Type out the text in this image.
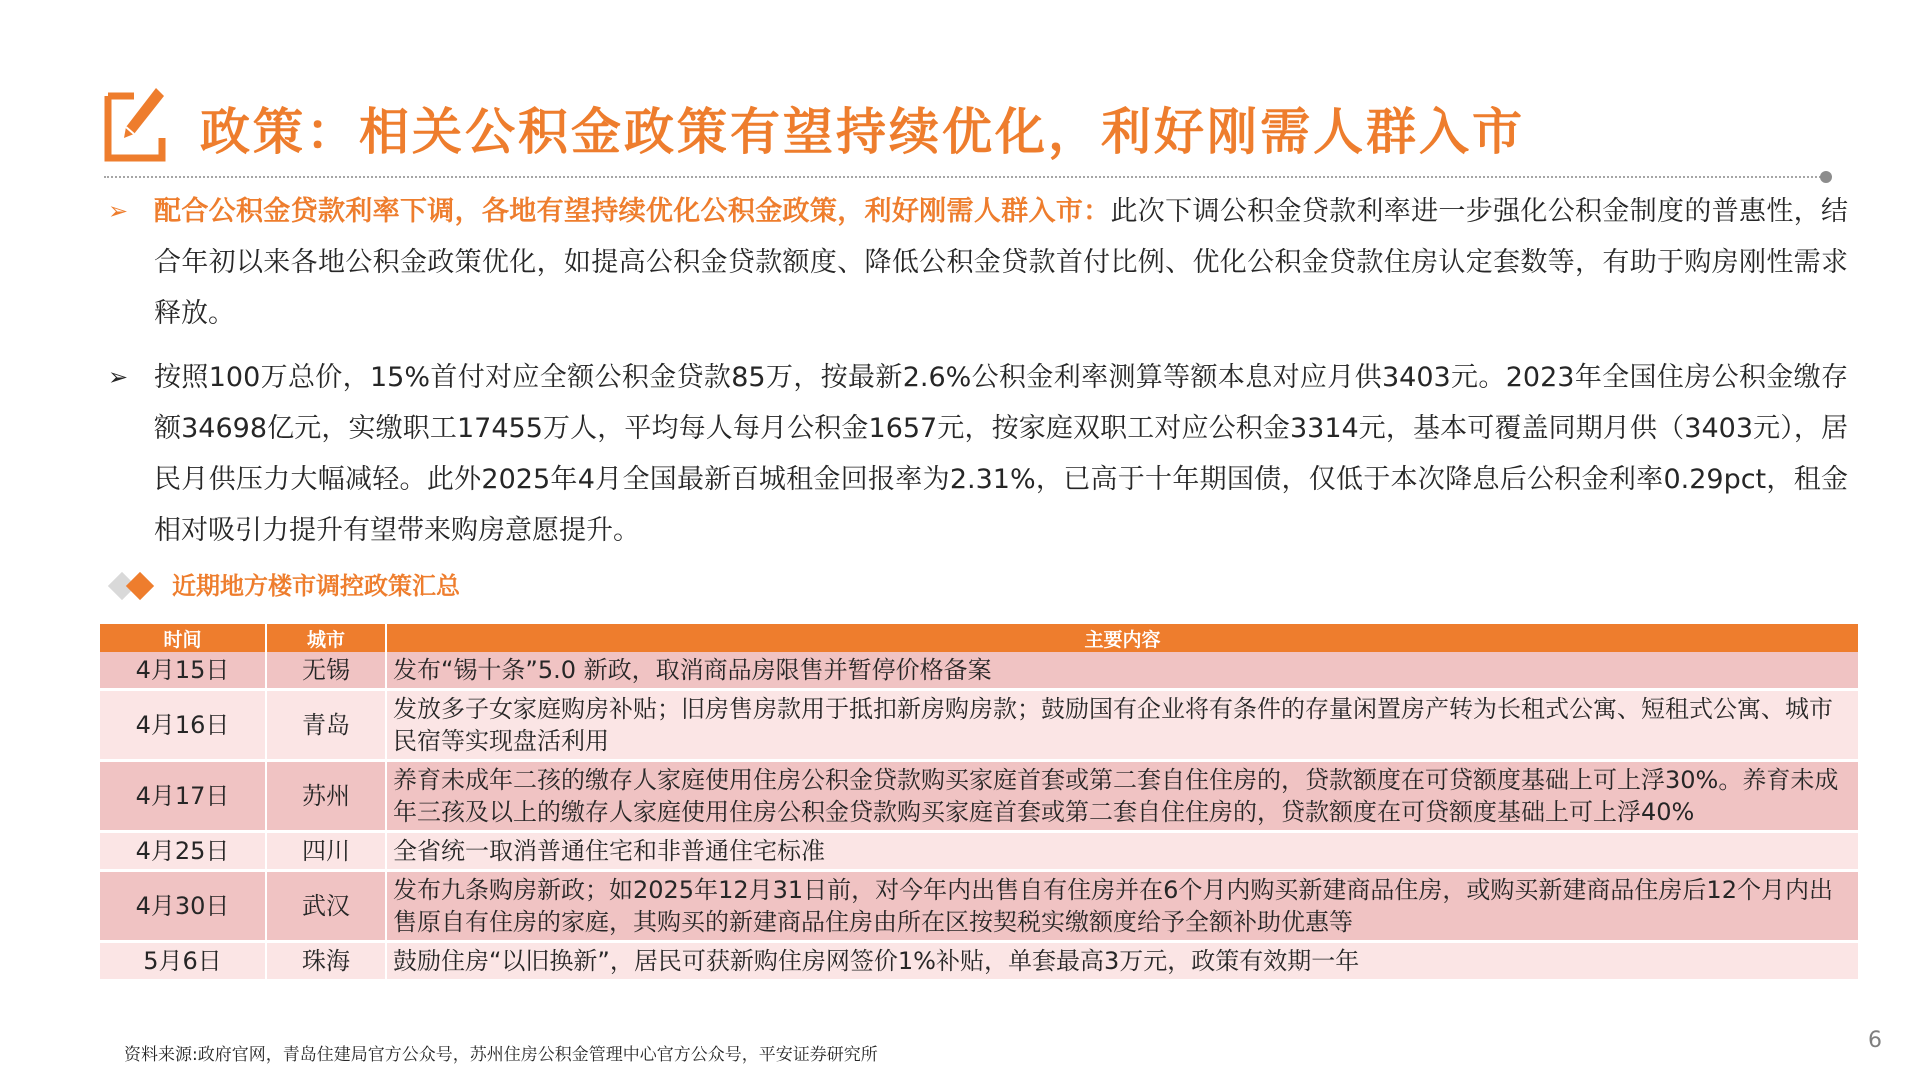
政策：相关公积金政策有望持续优化，利好刚需人群入市
➢ 配合公积金贷款利率下调，各地有望持续优化公积金政策，利好刚需人群入市：此次下调公积金贷款利率进一步强化公积金制度的普惠性，结合年初以来各地公积金政策优化，如提高公积金贷款额度、降低公积金贷款首付比例、优化公积金贷款住房认定套数等，有助于购房刚性需求释放。
➢ 按照100万总价，15%首付对应全额公积金贷款85万，按最新2.6%公积金利率测算等额本息对应月供3403元。2023年全国住房公积金缴存额34698亿元，实缴职工17455万人，平均每人每月公积金1657元，按家庭双职工对应公积金3314元，基本可覆盖同期月供（3403元），居民月供压力大幅减轻。此外2025年4月全国最新百城租金回报率为2.31%，已高于十年期国债，仅低于本次降息后公积金利率0.29pct，租金相对吸引力提升有望带来购房意愿提升。
近期地方楼市调控政策汇总
时间	城市	主要内容
4月15日	无锡	发布“锡十条”5.0 新政，取消商品房限售并暂停价格备案
4月16日	青岛	发放多子女家庭购房补贴；旧房售房款用于抵扣新房购房款；鼓励国有企业将有条件的存量闲置房产转为长租式公寓、短租式公寓、城市民宿等实现盘活利用
4月17日	苏州	养育未成年二孩的缴存人家庭使用住房公积金贷款购买家庭首套或第二套自住住房的，贷款额度在可贷额度基础上可上浮30%。养育未成年三孩及以上的缴存人家庭使用住房公积金贷款购买家庭首套或第二套自住住房的，贷款额度在可贷额度基础上可上浮40%
4月25日	四川	全省统一取消普通住宅和非普通住宅标准
4月30日	武汉	发布九条购房新政；如2025年12月31日前，对今年内出售自有住房并在6个月内购买新建商品住房，或购买新建商品住房后12个月内出售原自有住房的家庭，其购买的新建商品住房由所在区按契税实缴额度给予全额补助优惠等
5月6日	珠海	鼓励住房“以旧换新”，居民可获新购住房网签价1%补贴，单套最高3万元，政策有效期一年
资料来源:政府官网，青岛住建局官方公众号，苏州住房公积金管理中心官方公众号，平安证券研究所
6
